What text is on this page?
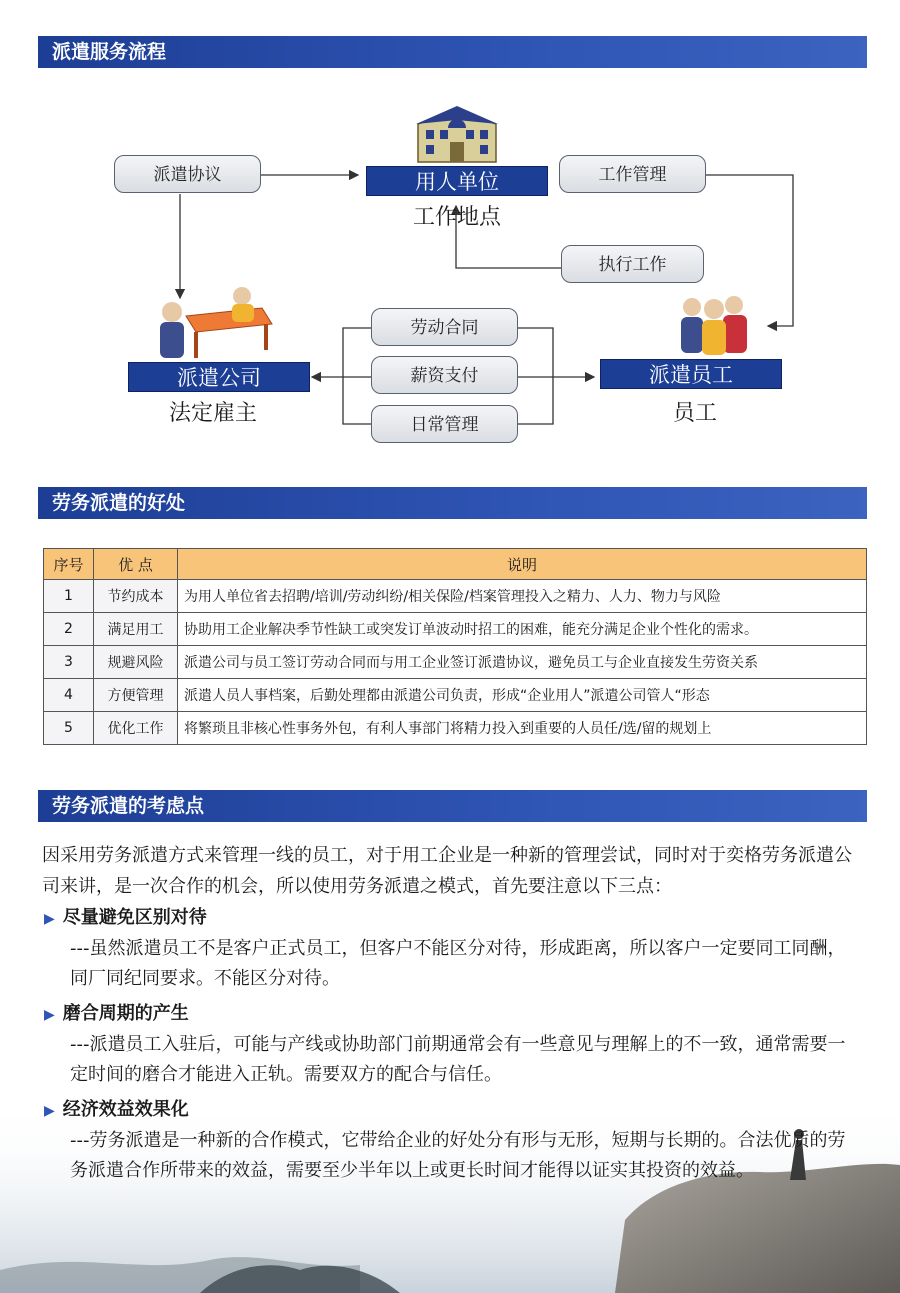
派遣服务流程
派遣协议	工作管理
执行工作
劳动合同
薪资支付
日常管理
用人单位
工作地点
派遣公司
法定雇主
派遣员工
员工
劳务派遣的好处
序号	优 点	说明
1	节约成本	为用人单位省去招聘/培训/劳动纠纷/相关保险/档案管理投入之精力、人力、物力与风险
2	满足用工	协助用工企业解决季节性缺工或突发订单波动时招工的困难，能充分满足企业个性化的需求。
3	规避风险	派遣公司与员工签订劳动合同而与用工企业签订派遣协议，避免员工与企业直接发生劳资关系
4	方便管理	派遣人员人事档案，后勤处理都由派遣公司负责，形成“企业用人”派遣公司管人“形态
5	优化工作	将繁琐且非核心性事务外包，有利人事部门将精力投入到重要的人员任/选/留的规划上
劳务派遣的考虑点
因采用劳务派遣方式来管理一线的员工，对于用工企业是一种新的管理尝试，同时对于奕格劳务派遣公司来讲，是一次合作的机会，所以使用劳务派遣之模式，首先要注意以下三点：
▶ 尽量避免区别对待
---虽然派遣员工不是客户正式员工，但客户不能区分对待，形成距离，所以客户一定要同工同酬，同厂同纪同要求。不能区分对待。
▶ 磨合周期的产生
---派遣员工入驻后，可能与产线或协助部门前期通常会有一些意见与理解上的不一致，通常需要一定时间的磨合才能进入正轨。需要双方的配合与信任。
▶ 经济效益效果化
---劳务派遣是一种新的合作模式，它带给企业的好处分有形与无形，短期与长期的。合法优质的劳务派遣合作所带来的效益，需要至少半年以上或更长时间才能得以证实其投资的效益。
